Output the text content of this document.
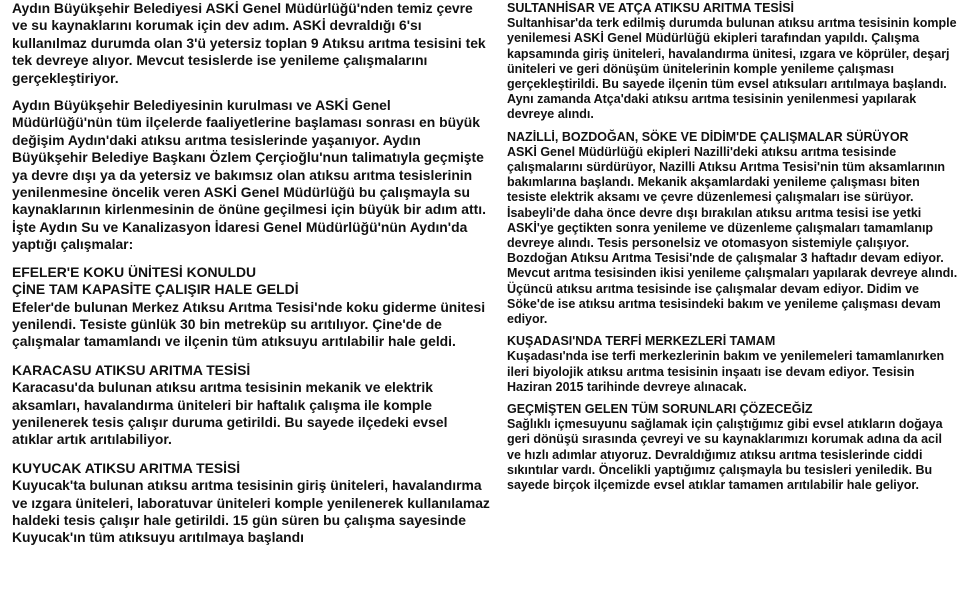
Aydın Büyükşehir Belediyesi ASKİ Genel Müdürlüğü'nden temiz çevre ve su kaynaklarını korumak için dev adım. ASKİ devraldığı 6'sı kullanılmaz durumda olan 3'ü yetersiz toplan 9 Atıksu arıtma tesisini tek tek devreye alıyor. Mevcut tesislerde ise yenileme çalışmalarını gerçekleştiriyor.

Aydın Büyükşehir Belediyesinin kurulması ve ASKİ Genel Müdürlüğü'nün tüm ilçelerde faaliyetlerine başlaması sonrası en büyük değişim Aydın'daki atıksu arıtma tesislerinde yaşanıyor. Aydın Büyükşehir Belediye Başkanı Özlem Çerçioğlu'nun talimatıyla geçmişte ya devre dışı ya da yetersiz ve bakımsız olan atıksu arıtma tesislerinin yenilenmesine öncelik veren ASKİ Genel Müdürlüğü bu çalışmayla su kaynaklarının kirlenmesinin de önüne geçilmesi için büyük bir adım attı. İşte Aydın Su ve Kanalizasyon İdaresi Genel Müdürlüğü'nün Aydın'da yaptığı çalışmalar:

EFELER'E KOKU ÜNİTESİ KONULDU
ÇİNE TAM KAPASİTE ÇALIŞIR HALE GELDİ

Efeler'de bulunan Merkez Atıksu Arıtma Tesisi'nde koku giderme ünitesi yenilendi. Tesiste günlük 30 bin metreküp su arıtılıyor. Çine'de de çalışmalar tamamlandı ve ilçenin tüm atıksuyu arıtılabilir hale geldi.

KARACASU ATIKSU ARITMA TESİSİ

Karacasu'da bulunan atıksu arıtma tesisinin mekanik ve elektrik aksamları, havalandırma üniteleri bir haftalık çalışma ile komple yenilenerek tesis çalışır duruma getirildi. Bu sayede ilçedeki evsel atıklar artık arıtılabiliyor.

KUYUCAK ATIKSU ARITMA TESİSİ

Kuyucak'ta bulunan atıksu arıtma tesisinin giriş üniteleri, havalandırma ve ızgara üniteleri, laboratuvar üniteleri komple yenilenerek kullanılamaz haldeki tesis çalışır hale getirildi. 15 gün süren bu çalışma sayesinde Kuyucak'ın tüm atıksuyu arıtılmaya başlandı

SULTANHİSAR VE ATÇA ATIKSU ARITMA TESİSİ

Sultanhisar'da terk edilmiş durumda bulunan atıksu arıtma tesisinin komple yenilemesi ASKİ Genel Müdürlüğü ekipleri tarafından yapıldı. Çalışma kapsamında giriş üniteleri, havalandırma ünitesi, ızgara ve köprüler, deşarj üniteleri ve geri dönüşüm ünitelerinin komple yenileme çalışması gerçekleştirildi. Bu sayede ilçenin tüm evsel atıksuları arıtılmaya başlandı. Aynı zamanda Atça'daki atıksu arıtma tesisinin yenilenmesi yapılarak devreye alındı.

NAZİLLİ, BOZDOĞAN, SÖKE VE DİDİM'DE ÇALIŞMALAR SÜRÜYOR

ASKİ Genel Müdürlüğü ekipleri Nazilli'deki atıksu arıtma tesisinde çalışmalarını sürdürüyor, Nazilli Atıksu Arıtma Tesisi'nin tüm aksamlarının bakımlarına başlandı. Mekanik akşamlardaki yenileme çalışması biten tesiste elektrik aksamı ve çevre düzenlemesi çalışmaları ise sürüyor. İsabeyli'de daha önce devre dışı bırakılan atıksu arıtma tesisi ise yetki ASKİ'ye geçtikten sonra yenileme ve düzenleme çalışmaları tamamlanıp devreye alındı. Tesis personelsiz ve otomasyon sistemiyle çalışıyor. Bozdoğan Atıksu Arıtma Tesisi'nde de çalışmalar 3 haftadır devam ediyor. Mevcut arıtma tesisinden ikisi yenileme çalışmaları yapılarak devreye alındı. Üçüncü atıksu arıtma tesisinde ise çalışmalar devam ediyor. Didim ve Söke'de ise atıksu arıtma tesisindeki bakım ve yenileme çalışması devam ediyor.

KUŞADASI'NDA TERFİ MERKEZLERİ TAMAM

Kuşadası'nda ise terfi merkezlerinin bakım ve yenilemeleri tamamlanırken ileri biyolojik atıksu arıtma tesisinin inşaatı ise devam ediyor. Tesisin Haziran 2015 tarihinde devreye alınacak.

GEÇMİŞTEN GELEN TÜM SORUNLARI ÇÖZECEĞİZ

Sağlıklı içmesuyunu sağlamak için çalıştığımız gibi evsel atıkların doğaya geri dönüşü sırasında çevreyi ve su kaynaklarımızı korumak adına da acil ve hızlı adımlar atıyoruz. Devraldığımız atıksu arıtma tesislerinde ciddi sıkıntılar vardı. Öncelikli yaptığımız çalışmayla bu tesisleri yeniledik. Bu sayede birçok ilçemizde evsel atıklar tamamen arıtılabilir hale geliyor.
